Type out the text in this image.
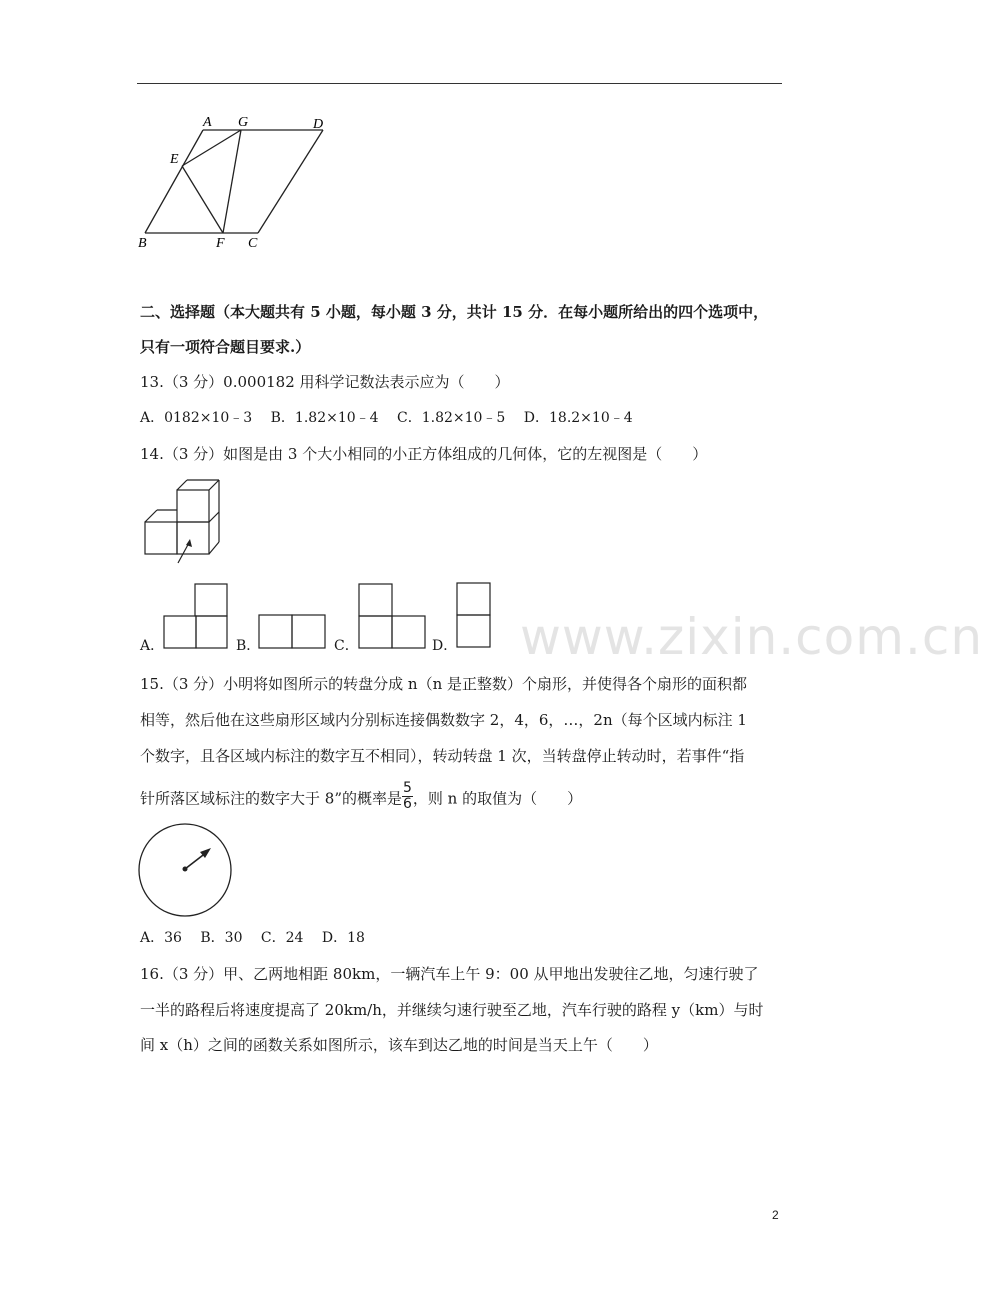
A G	D
E
B	F C
二、选择题（本大题共有 5 小题，每小题 3 分，共计 15 分．在每小题所给出的四个选项中，
只有一项符合题目要求.）
13.（3 分）0.000182 用科学记数法表示应为（　　）
A．0182×10﹣3　 B．1.82×10﹣4　 C．1.82×10﹣5　 D．18.2×10﹣4
14.（3 分）如图是由 3 个大小相同的小正方体组成的几何体，它的左视图是（　　）
A．	B．	C．	D． www.zixin.com.cn
15.（3 分）小明将如图所示的转盘分成 n（n 是正整数）个扇形，并使得各个扇形的面积都
相等，然后他在这些扇形区域内分别标连接偶数数字 2，4，6，…，2n（每个区域内标注 1
个数字，且各区域内标注的数字互不相同），转动转盘 1 次，当转盘停止转动时，若事件“指
针所落区域标注的数字大于 8”的概率是 $\frac{5}{6}$ ，则 n 的取值为（　　）
A．36　 B．30　 C．24　 D．18
16.（3 分）甲、乙两地相距 80km，一辆汽车上午 9：00 从甲地出发驶往乙地，匀速行驶了
一半的路程后将速度提高了 20km/h，并继续匀速行驶至乙地，汽车行驶的路程 y（km）与时
间 x（h）之间的函数关系如图所示，该车到达乙地的时间是当天上午（　　）
2
